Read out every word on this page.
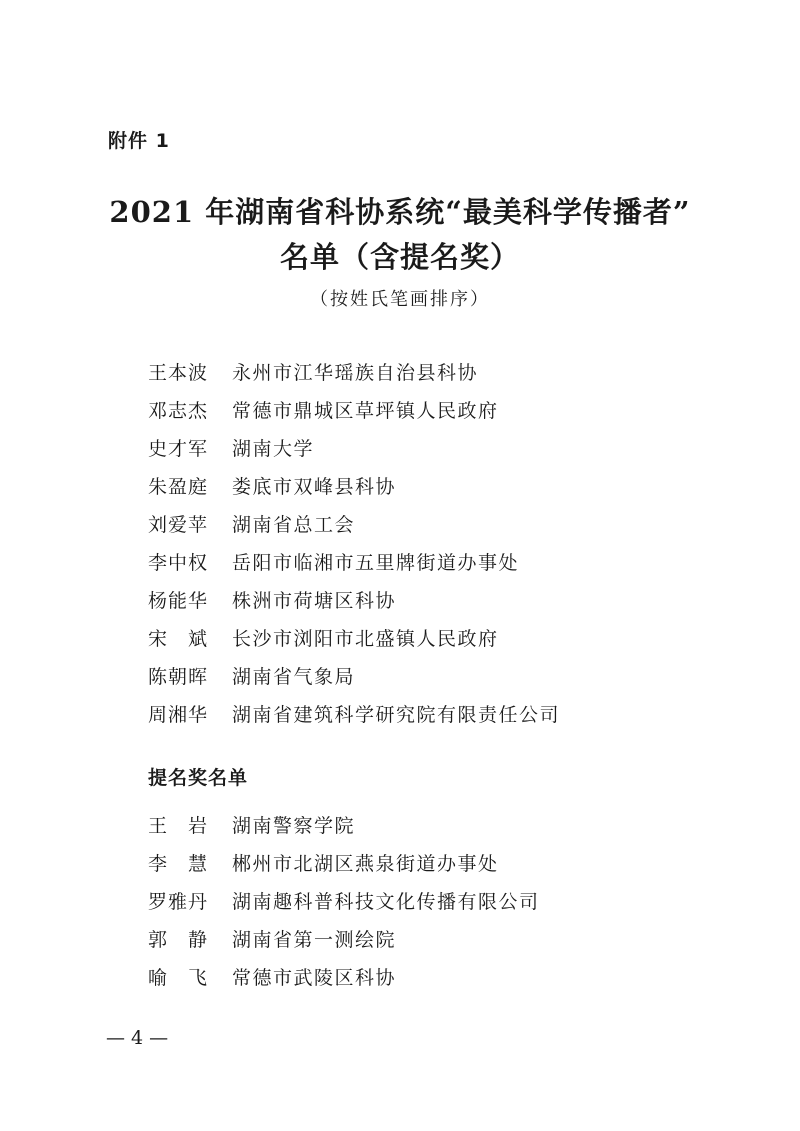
附件 1
2021 年湖南省科协系统“最美科学传播者”
名单（含提名奖）
（按姓氏笔画排序）
王本波	永州市江华瑶族自治县科协
邓志杰	常德市鼎城区草坪镇人民政府
史才军	湖南大学
朱盈庭	娄底市双峰县科协
刘爱苹	湖南省总工会
李中权	岳阳市临湘市五里牌街道办事处
杨能华	株洲市荷塘区科协
宋　斌	长沙市浏阳市北盛镇人民政府
陈朝晖	湖南省气象局
周湘华	湖南省建筑科学研究院有限责任公司
提名奖名单
王　岩	湖南警察学院
李　慧	郴州市北湖区燕泉街道办事处
罗雅丹	湖南趣科普科技文化传播有限公司
郭　静	湖南省第一测绘院
喻　飞	常德市武陵区科协
— 4 —
